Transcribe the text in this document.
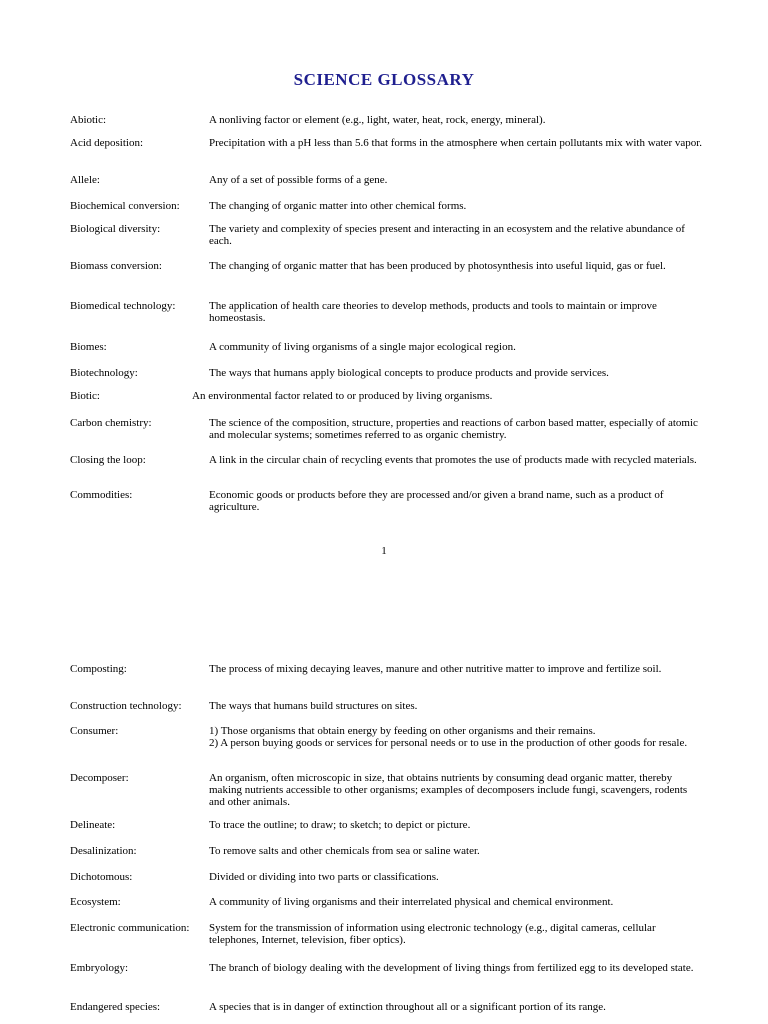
SCIENCE GLOSSARY
Abiotic:	A nonliving factor or element (e.g., light, water, heat, rock, energy, mineral).
Acid deposition:	Precipitation with a pH less than 5.6 that forms in the atmosphere when certain pollutants mix with water vapor.
Allele:	Any of a set of possible forms of a gene.
Biochemical conversion:	The changing of organic matter into other chemical forms.
Biological diversity:	The variety and complexity of species present and interacting in an ecosystem and the relative abundance of each.
Biomass conversion:	The changing of organic matter that has been produced by photosynthesis into useful liquid, gas or fuel.
Biomedical technology:	The application of health care theories to develop methods, products and tools to maintain or improve homeostasis.
Biomes:	A community of living organisms of a single major ecological region.
Biotechnology:	The ways that humans apply biological concepts to produce products and provide services.
Biotic:	An environmental factor related to or produced by living organisms.
Carbon chemistry:	The science of the composition, structure, properties and reactions of carbon based matter, especially of atomic and molecular systems; sometimes referred to as organic chemistry.
Closing the loop:	A link in the circular chain of recycling events that promotes the use of products made with recycled materials.
Commodities:	Economic goods or products before they are processed and/or given a brand name, such as a product of agriculture.
1
Composting:	The process of mixing decaying leaves, manure and other nutritive matter to improve and fertilize soil.
Construction technology: The ways that humans build structures on sites.
Consumer:	1) Those organisms that obtain energy by feeding on other organisms and their remains.
2) A person buying goods or services for personal needs or to use in the production of other goods for resale.
Decomposer:	An organism, often microscopic in size, that obtains nutrients by consuming dead organic matter, thereby making nutrients accessible to other organisms; examples of decomposers include fungi, scavengers, rodents and other animals.
Delineate:	To trace the outline; to draw; to sketch; to depict or picture.
Desalinization:	To remove salts and other chemicals from sea or saline water.
Dichotomous:	Divided or dividing into two parts or classifications.
Ecosystem:	A community of living organisms and their interrelated physical and chemical environment.
Electronic communication: System for the transmission of information using electronic technology (e.g., digital cameras, cellular telephones, Internet, television, fiber optics).
Embryology:	The branch of biology dealing with the development of living things from fertilized egg to its developed state.
Endangered species:	A species that is in danger of extinction throughout all or a significant portion of its range.
